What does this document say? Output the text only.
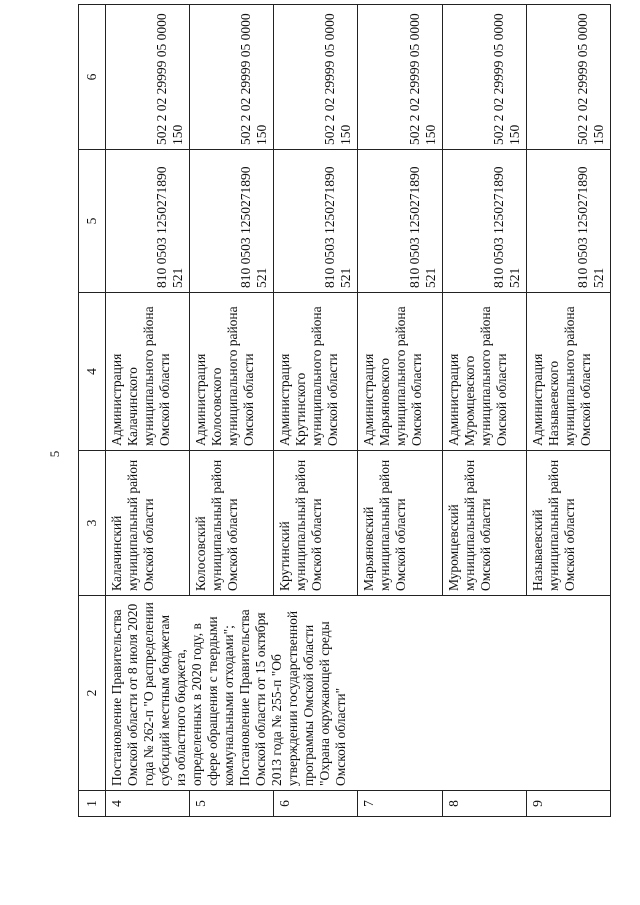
5
1	2	3	4	5	6
4	Постановление Правительства Омской области от 8 июля 2020 года № 262-п "О распределении субсидий местным бюджетам из областного бюджета, определенных в 2020 году, в сфере обращения с твердыми коммунальными отходами"; Постановление Правительства Омской области от 15 октября 2013 года № 255-п "Об утверждении государственной программы Омской области "Охрана окружающей среды Омской области"	Калачинский муниципальный район Омской области	Администрация Калачинского муниципального района Омской области	810 0503 1250271890 521	502 2 02 29999 05 0000 150
5		Колосовский муниципальный район Омской области	Администрация Колосовского муниципального района Омской области	810 0503 1250271890 521	502 2 02 29999 05 0000 150
6		Крутинский муниципальный район Омской области	Администрация Крутинского муниципального района Омской области	810 0503 1250271890 521	502 2 02 29999 05 0000 150
7		Марьяновский муниципальный район Омской области	Администрация Марьяновского муниципального района Омской области	810 0503 1250271890 521	502 2 02 29999 05 0000 150
8		Муромцевский муниципальный район Омской области	Администрация Муромцевского муниципального района Омской области	810 0503 1250271890 521	502 2 02 29999 05 0000 150
9		Называевский муниципальный район Омской области	Администрация Называевского муниципального района Омской области	810 0503 1250271890 521	502 2 02 29999 05 0000 150
